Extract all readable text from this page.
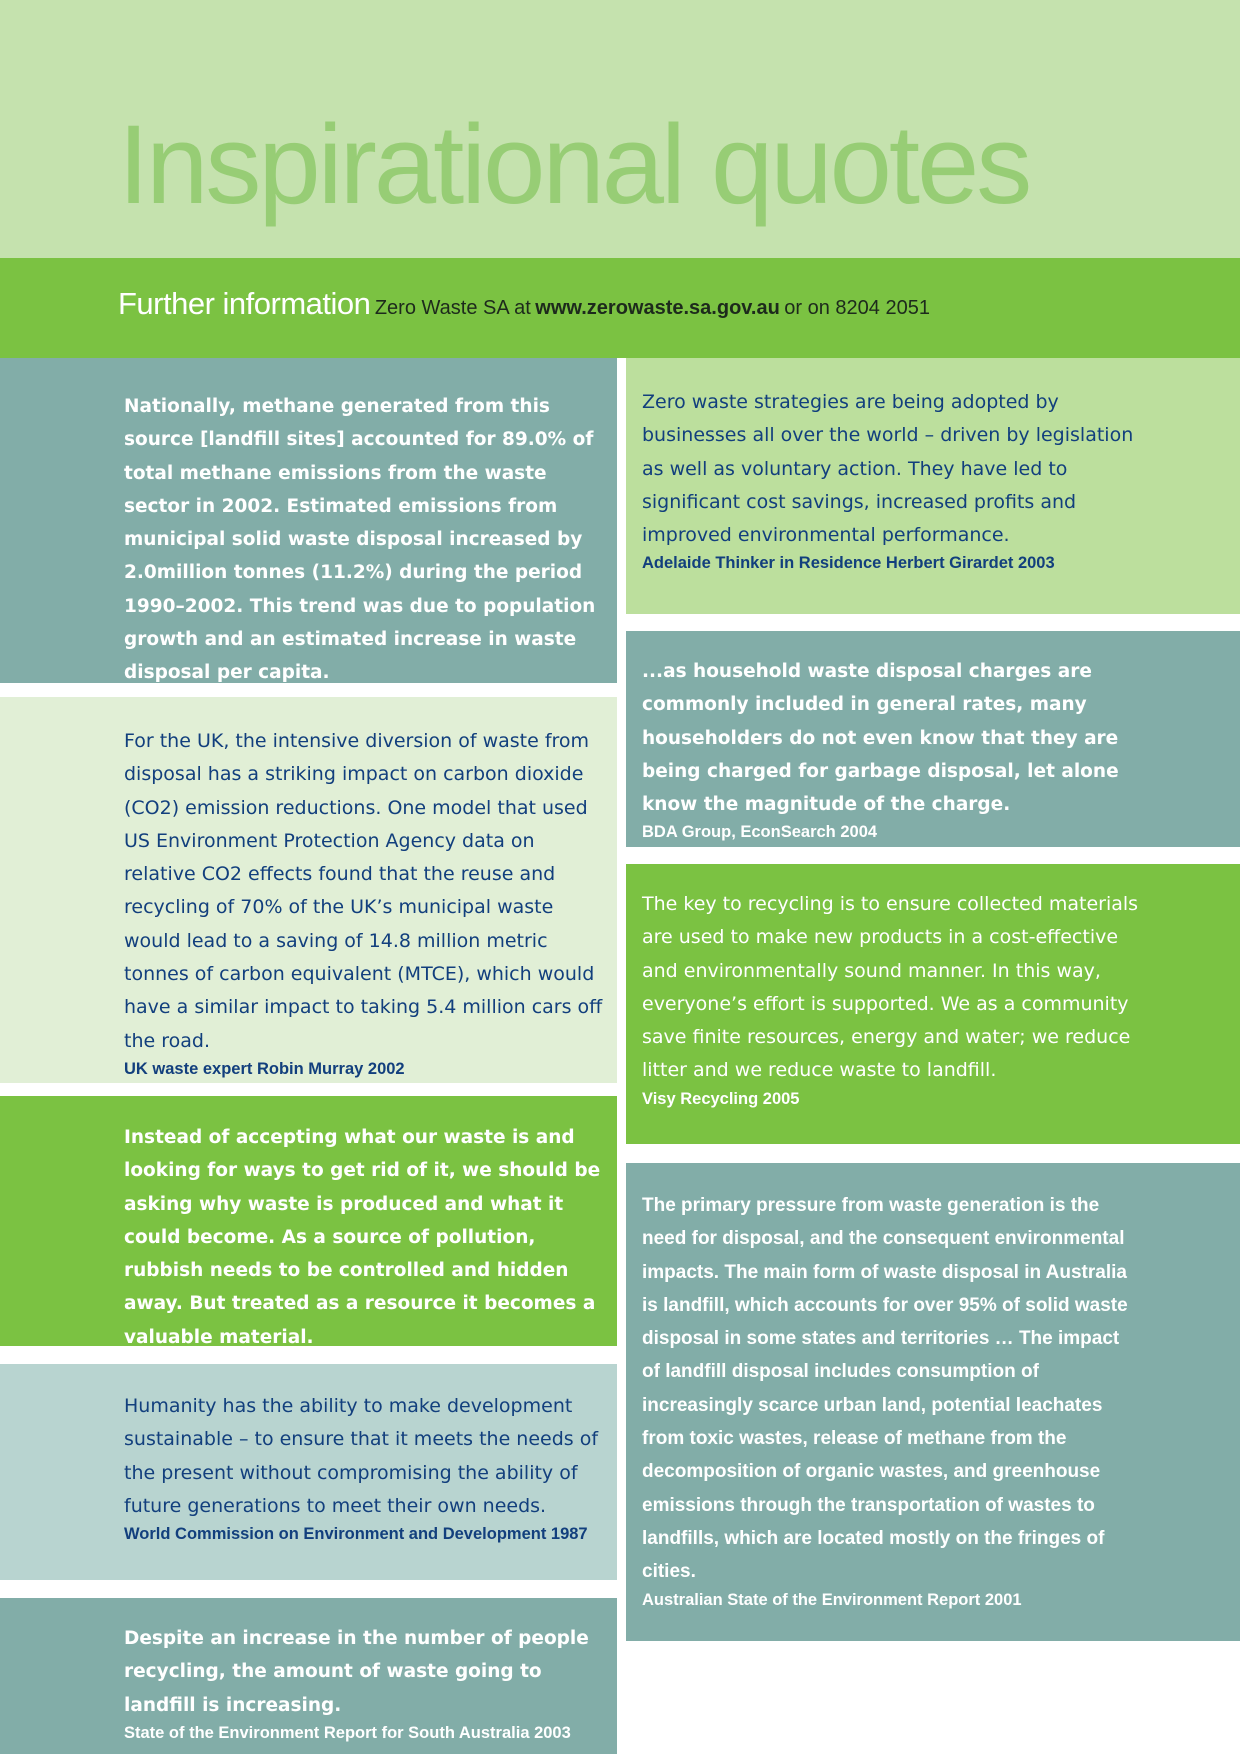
Inspirational quotes
Further information Zero Waste SA at www.zerowaste.sa.gov.au or on 8204 2051

Nationally, methane generated from this source [landfill sites] accounted for 89.0% of total methane emissions from the waste sector in 2002. Estimated emissions from municipal solid waste disposal increased by 2.0million tonnes (11.2%) during the period 1990–2002. This trend was due to population growth and an estimated increase in waste disposal per capita.

For the UK, the intensive diversion of waste from disposal has a striking impact on carbon dioxide (CO2) emission reductions. One model that used US Environment Protection Agency data on relative CO2 effects found that the reuse and recycling of 70% of the UK’s municipal waste would lead to a saving of 14.8 million metric tonnes of carbon equivalent (MTCE), which would have a similar impact to taking 5.4 million cars off the road.

UK waste expert Robin Murray 2002

Instead of accepting what our waste is and looking for ways to get rid of it, we should be asking why waste is produced and what it could become. As a source of pollution, rubbish needs to be controlled and hidden away. But treated as a resource it becomes a valuable material.

Humanity has the ability to make development sustainable – to ensure that it meets the needs of the present without compromising the ability of future generations to meet their own needs.

World Commission on Environment and Development 1987

Despite an increase in the number of people recycling, the amount of waste going to landfill is increasing.

State of the Environment Report for South Australia 2003

Zero waste strategies are being adopted by businesses all over the world – driven by legislation as well as voluntary action. They have led to significant cost savings, increased profits and improved environmental performance.

Adelaide Thinker in Residence Herbert Girardet 2003

...as household waste disposal charges are commonly included in general rates, many householders do not even know that they are being charged for garbage disposal, let alone know the magnitude of the charge.

BDA Group, EconSearch 2004

The key to recycling is to ensure collected materials are used to make new products in a cost-effective and environmentally sound manner. In this way, everyone’s effort is supported. We as a community save finite resources, energy and water; we reduce litter and we reduce waste to landfill.

Visy Recycling 2005

The primary pressure from waste generation is the need for disposal, and the consequent environmental impacts. The main form of waste disposal in Australia is landfill, which accounts for over 95% of solid waste disposal in some states and territories … The impact of landfill disposal includes consumption of increasingly scarce urban land, potential leachates from toxic wastes, release of methane from the decomposition of organic wastes, and greenhouse emissions through the transportation of wastes to landfills, which are located mostly on the fringes of cities.

Australian State of the Environment Report 2001
